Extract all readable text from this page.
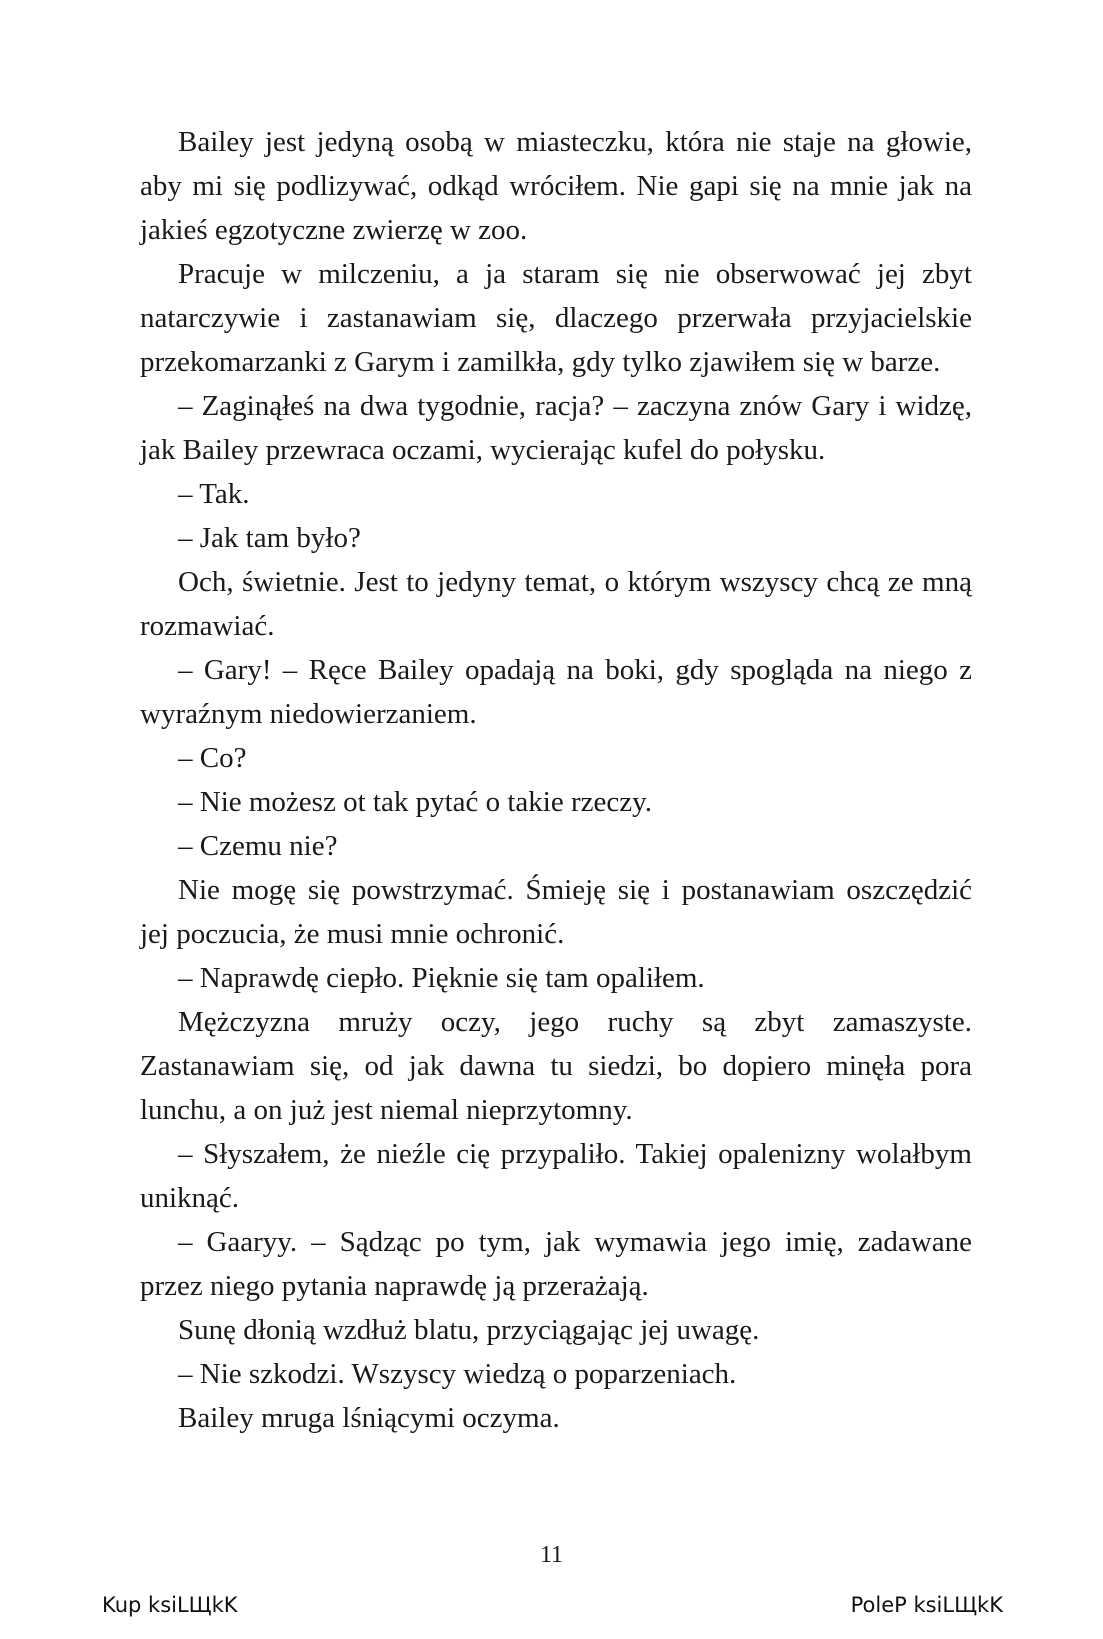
Bailey jest jedyną osobą w miasteczku, która nie staje na głowie, aby mi się podlizywać, odkąd wróciłem. Nie gapi się na mnie jak na jakieś egzotyczne zwierzę w zoo.

Pracuje w milczeniu, a ja staram się nie obserwować jej zbyt natarczywie i zastanawiam się, dlaczego przerwała przyjacielskie przekomarzanki z Garym i zamilkła, gdy tylko zjawiłem się w barze.

– Zaginąłeś na dwa tygodnie, racja? – zaczyna znów Gary i widzę, jak Bailey przewraca oczami, wycierając kufel do połysku.

– Tak.

– Jak tam było?

Och, świetnie. Jest to jedyny temat, o którym wszyscy chcą ze mną rozmawiać.

– Gary! – Ręce Bailey opadają na boki, gdy spogląda na niego z wyraźnym niedowierzaniem.

– Co?

– Nie możesz ot tak pytać o takie rzeczy.

– Czemu nie?

Nie mogę się powstrzymać. Śmieję się i postanawiam oszczędzić jej poczucia, że musi mnie ochronić.

– Naprawdę ciepło. Pięknie się tam opaliłem.

Mężczyzna mruży oczy, jego ruchy są zbyt zamaszyste. Zastanawiam się, od jak dawna tu siedzi, bo dopiero minęła pora lunchu, a on już jest niemal nieprzytomny.

– Słyszałem, że nieźle cię przypaliło. Takiej opalenizny wolałbym uniknąć.

– Gaaryy. – Sądząc po tym, jak wymawia jego imię, zadawane przez niego pytania naprawdę ją przerażają.

Sunę dłonią wzdłuż blatu, przyciągając jej uwagę.

– Nie szkodzi. Wszyscy wiedzą o poparzeniach.

Bailey mruga lśniącymi oczyma.

11
Kup ksiLЩkK	PoleP ksiLЩkK
